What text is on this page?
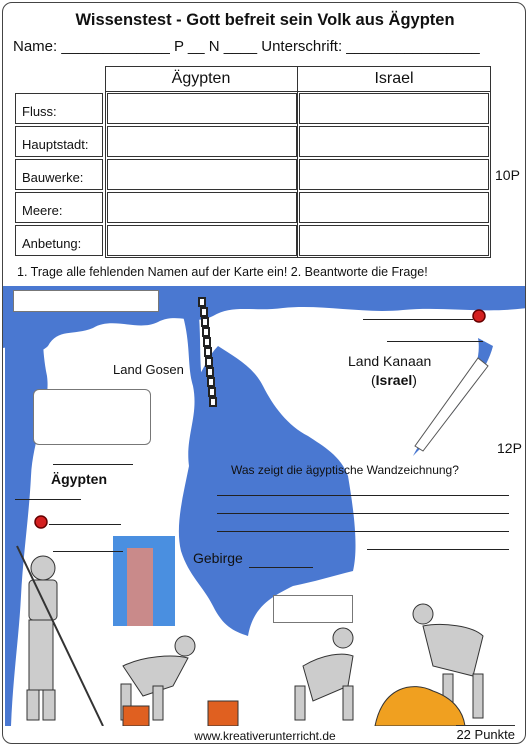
Wissenstest - Gott befreit sein Volk aus Ägypten
Name: _____________ P __ N ____ Unterschrift: ________________
Ägypten	Israel
Fluss:
Hauptstadt:
Bauwerke:
Meere:
Anbetung:
10P
1. Trage alle fehlenden Namen auf der Karte ein! 2. Beantworte die Frage!
Land Gosen
Land Kanaan
(Israel)
Ägypten
Gebirge
12P
Was zeigt die ägyptische Wandzeichnung?
www.kreativerunterricht.de	22 Punkte
